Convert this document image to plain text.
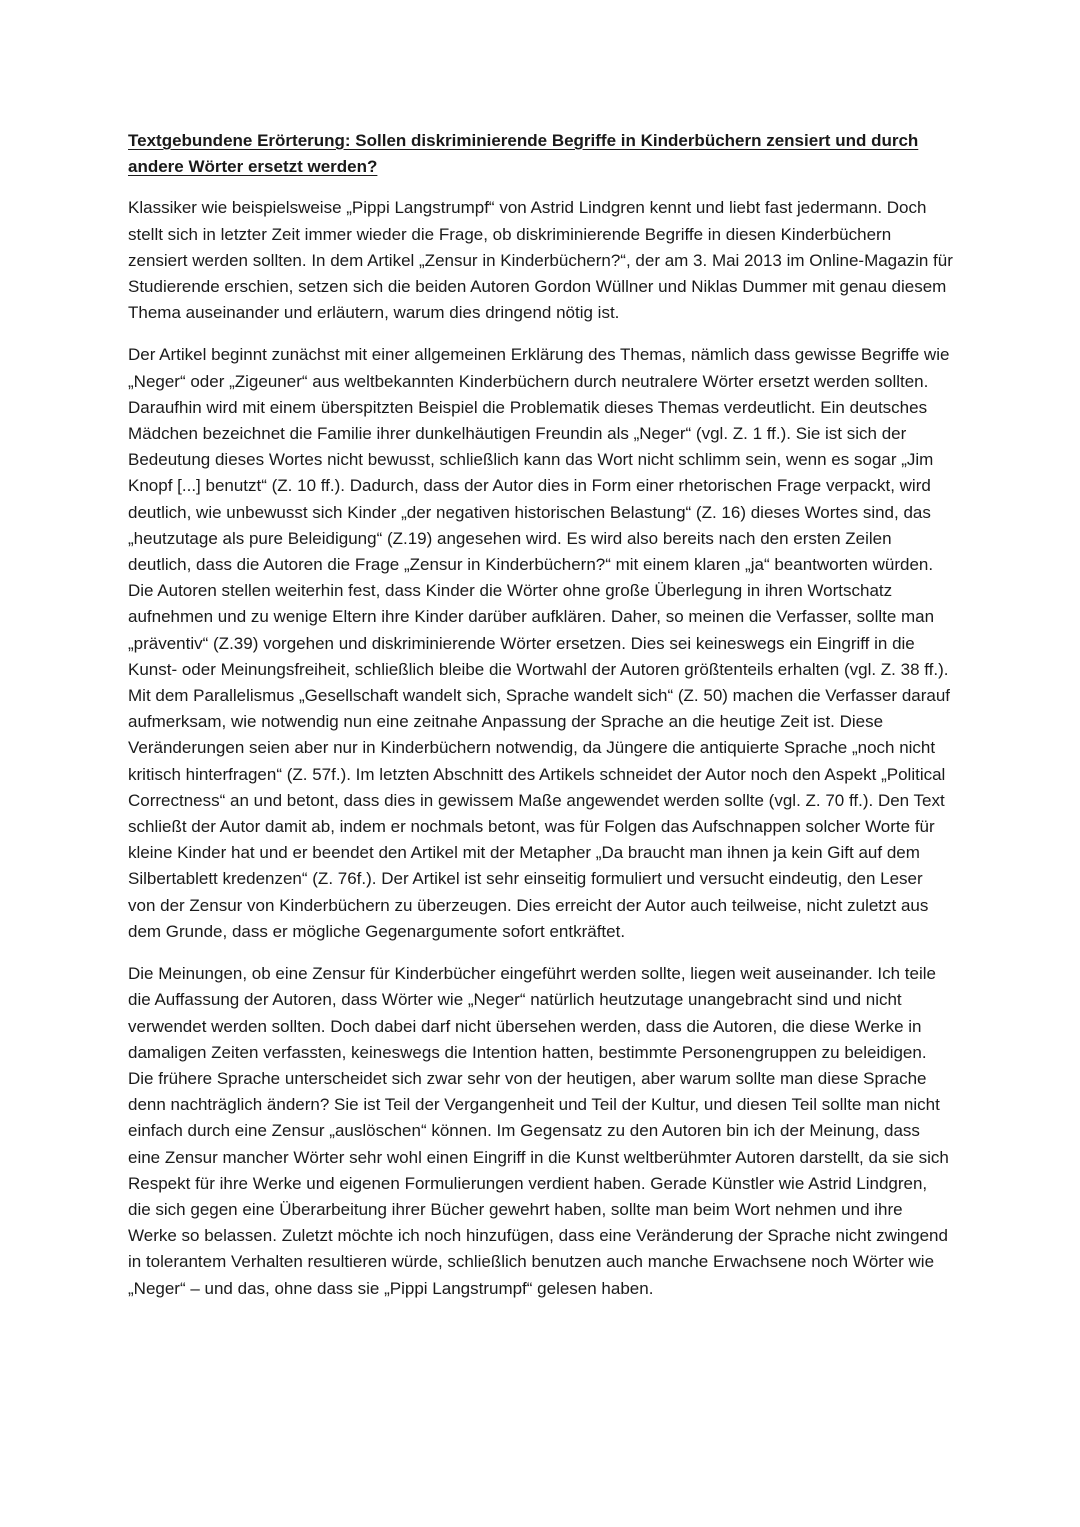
Textgebundene Erörterung: Sollen diskriminierende Begriffe in Kinderbüchern zensiert und durch andere Wörter ersetzt werden?

Klassiker wie beispielsweise „Pippi Langstrumpf“ von Astrid Lindgren kennt und liebt fast jedermann. Doch stellt sich in letzter Zeit immer wieder die Frage, ob diskriminierende Begriffe in diesen Kinderbüchern zensiert werden sollten. In dem Artikel „Zensur in Kinderbüchern?“, der am 3. Mai 2013 im Online-Magazin für Studierende erschien, setzen sich die beiden Autoren Gordon Wüllner und Niklas Dummer mit genau diesem Thema auseinander und erläutern, warum dies dringend nötig ist.

Der Artikel beginnt zunächst mit einer allgemeinen Erklärung des Themas, nämlich dass gewisse Begriffe wie „Neger“ oder „Zigeuner“ aus weltbekannten Kinderbüchern durch neutralere Wörter ersetzt werden sollten. Daraufhin wird mit einem überspitzten Beispiel die Problematik dieses Themas verdeutlicht. Ein deutsches Mädchen bezeichnet die Familie ihrer dunkelhäutigen Freundin als „Neger“ (vgl. Z. 1 ff.). Sie ist sich der Bedeutung dieses Wortes nicht bewusst, schließlich kann das Wort nicht schlimm sein, wenn es sogar „Jim Knopf [...] benutzt“ (Z. 10 ff.). Dadurch, dass der Autor dies in Form einer rhetorischen Frage verpackt, wird deutlich, wie unbewusst sich Kinder „der negativen historischen Belastung“ (Z. 16) dieses Wortes sind, das „heutzutage als pure Beleidigung“ (Z.19) angesehen wird. Es wird also bereits nach den ersten Zeilen deutlich, dass die Autoren die Frage „Zensur in Kinderbüchern?“ mit einem klaren „ja“ beantworten würden. Die Autoren stellen weiterhin fest, dass Kinder die Wörter ohne große Überlegung in ihren Wortschatz aufnehmen und zu wenige Eltern ihre Kinder darüber aufklären. Daher, so meinen die Verfasser, sollte man „präventiv“ (Z.39) vorgehen und diskriminierende Wörter ersetzen. Dies sei keineswegs ein Eingriff in die Kunst- oder Meinungsfreiheit, schließlich bleibe die Wortwahl der Autoren größtenteils erhalten (vgl. Z. 38 ff.). Mit dem Parallelismus „Gesellschaft wandelt sich, Sprache wandelt sich“ (Z. 50) machen die Verfasser darauf aufmerksam, wie notwendig nun eine zeitnahe Anpassung der Sprache an die heutige Zeit ist. Diese Veränderungen seien aber nur in Kinderbüchern notwendig, da Jüngere die antiquierte Sprache „noch nicht kritisch hinterfragen“ (Z. 57f.). Im letzten Abschnitt des Artikels schneidet der Autor noch den Aspekt „Political Correctness“ an und betont, dass dies in gewissem Maße angewendet werden sollte (vgl. Z. 70 ff.). Den Text schließt der Autor damit ab, indem er nochmals betont, was für Folgen das Aufschnappen solcher Worte für kleine Kinder hat und er beendet den Artikel mit der Metapher „Da braucht man ihnen ja kein Gift auf dem Silbertablett kredenzen“ (Z. 76f.). Der Artikel ist sehr einseitig formuliert und versucht eindeutig, den Leser von der Zensur von Kinderbüchern zu überzeugen. Dies erreicht der Autor auch teilweise, nicht zuletzt aus dem Grunde, dass er mögliche Gegenargumente sofort entkräftet.

Die Meinungen, ob eine Zensur für Kinderbücher eingeführt werden sollte, liegen weit auseinander. Ich teile die Auffassung der Autoren, dass Wörter wie „Neger“ natürlich heutzutage unangebracht sind und nicht verwendet werden sollten. Doch dabei darf nicht übersehen werden, dass die Autoren, die diese Werke in damaligen Zeiten verfassten, keineswegs die Intention hatten, bestimmte Personengruppen zu beleidigen. Die frühere Sprache unterscheidet sich zwar sehr von der heutigen, aber warum sollte man diese Sprache denn nachträglich ändern? Sie ist Teil der Vergangenheit und Teil der Kultur, und diesen Teil sollte man nicht einfach durch eine Zensur „auslöschen“ können. Im Gegensatz zu den Autoren bin ich der Meinung, dass eine Zensur mancher Wörter sehr wohl einen Eingriff in die Kunst weltberühmter Autoren darstellt, da sie sich Respekt für ihre Werke und eigenen Formulierungen verdient haben. Gerade Künstler wie Astrid Lindgren, die sich gegen eine Überarbeitung ihrer Bücher gewehrt haben, sollte man beim Wort nehmen und ihre Werke so belassen. Zuletzt möchte ich noch hinzufügen, dass eine Veränderung der Sprache nicht zwingend in tolerantem Verhalten resultieren würde, schließlich benutzen auch manche Erwachsene noch Wörter wie „Neger“ – und das, ohne dass sie „Pippi Langstrumpf“ gelesen haben.
